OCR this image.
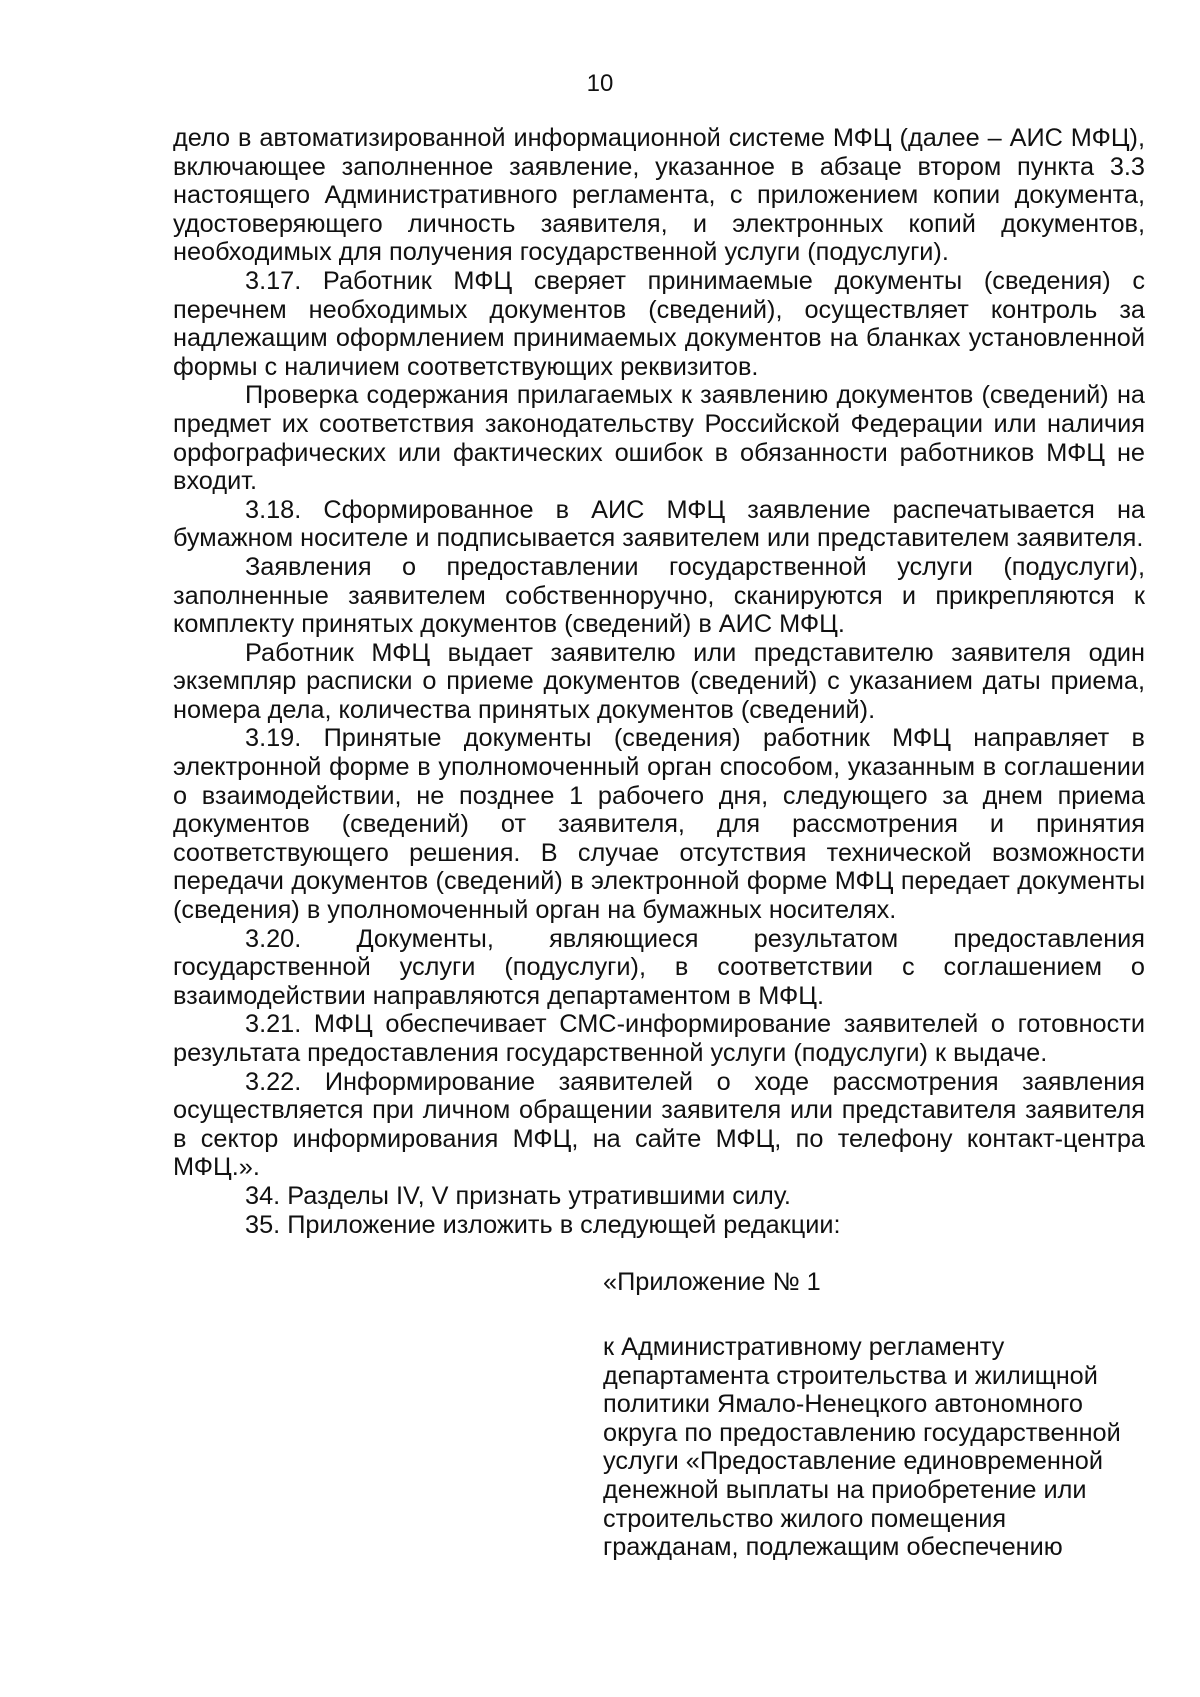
10

дело в автоматизированной информационной системе МФЦ (далее – АИС МФЦ), включающее заполненное заявление, указанное в абзаце втором пункта 3.3 настоящего Административного регламента, с приложением копии документа, удостоверяющего личность заявителя, и электронных копий документов, необходимых для получения государственной услуги (подуслуги).

3.17. Работник МФЦ сверяет принимаемые документы (сведения) с перечнем необходимых документов (сведений), осуществляет контроль за надлежащим оформлением принимаемых документов на бланках установленной формы с наличием соответствующих реквизитов.

Проверка содержания прилагаемых к заявлению документов (сведений) на предмет их соответствия законодательству Российской Федерации или наличия орфографических или фактических ошибок в обязанности работников МФЦ не входит.

3.18. Сформированное в АИС МФЦ заявление распечатывается на бумажном носителе и подписывается заявителем или представителем заявителя.

Заявления о предоставлении государственной услуги (подуслуги), заполненные заявителем собственноручно, сканируются и прикрепляются к комплекту принятых документов (сведений) в АИС МФЦ.

Работник МФЦ выдает заявителю или представителю заявителя один экземпляр расписки о приеме документов (сведений) с указанием даты приема, номера дела, количества принятых документов (сведений).

3.19. Принятые документы (сведения) работник МФЦ направляет в электронной форме в уполномоченный орган способом, указанным в соглашении о взаимодействии, не позднее 1 рабочего дня, следующего за днем приема документов (сведений) от заявителя, для рассмотрения и принятия соответствующего решения. В случае отсутствия технической возможности передачи документов (сведений) в электронной форме МФЦ передает документы (сведения) в уполномоченный орган на бумажных носителях.

3.20. Документы, являющиеся результатом предоставления государственной услуги (подуслуги), в соответствии с соглашением о взаимодействии направляются департаментом в МФЦ.

3.21. МФЦ обеспечивает СМС-информирование заявителей о готовности результата предоставления государственной услуги (подуслуги) к выдаче.

3.22. Информирование заявителей о ходе рассмотрения заявления осуществляется при личном обращении заявителя или представителя заявителя в сектор информирования МФЦ, на сайте МФЦ, по телефону контакт-центра МФЦ.».

34. Разделы IV, V признать утратившими силу.

35. Приложение изложить в следующей редакции:

«Приложение № 1
к Административному регламенту
департамента строительства и жилищной
политики Ямало-Ненецкого автономного
округа по предоставлению государственной
услуги «Предоставление единовременной
денежной выплаты на приобретение или
строительство жилого помещения
гражданам, подлежащим обеспечению
